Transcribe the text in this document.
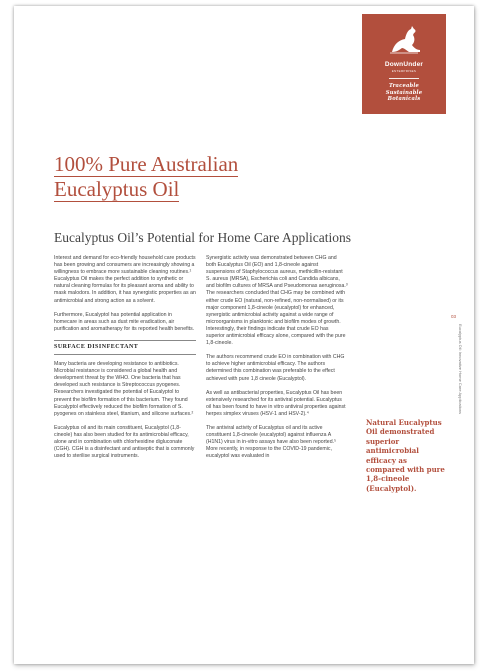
DownUnder
ENTERPRISES
Traceable
Sustainable
Botanicals
100% Pure Australian
Eucalyptus Oil
Eucalyptus Oil’s Potential for Home Care Applications

Interest and demand for eco-friendly household care products has been growing and consumers are increasingly showing a willingness to embrace more sustainable cleaning routines.¹ Eucalyptus Oil makes the perfect addition to synthetic or natural cleaning formulas for its pleasant aroma and ability to mask malodors. In addition, it has synergistic properties as an antimicrobial and strong action as a solvent.

Furthermore, Eucalyptol has potential application in homecare in areas such as dust mite eradication, air purification and aromatherapy for its reported health benefits.

SURFACE DISINFECTANT

Many bacteria are developing resistance to antibiotics. Microbial resistance is considered a global health and development threat by the WHO. One bacteria that has developed such resistance is Streptococcus pyogenes. Researchers investigated the potential of Eucalyptol to prevent the biofilm formation of this bacterium. They found Eucalyptol effectively reduced the biofilm formation of S. pyogenes on stainless steel, titanium, and silicone surfaces.²

Eucalyptus oil and its main constituent, Eucalyptol (1,8-cineole) has also been studied for its antimicrobial efficacy, alone and in combination with chlorhexidine digluconate (CGH). CGH is a disinfectant and antiseptic that is commonly used to sterilise surgical instruments.

Synergistic activity was demonstrated between CHG and both Eucalyptus Oil (EO) and 1,8-cineole against suspensions of Staphylococcus aureus, methicillin-resistant S. aureus (MRSA), Escherichia coli and Candida albicans, and biofilm cultures of MRSA and Pseudomonas aeruginosa.³ The researchers concluded that CHG may be combined with either crude EO (natural, non-refined, non-normalised) or its major component 1,8-cineole (eucalyptol) for enhanced, synergistic antimicrobial activity against a wide range of microorganisms in planktonic and biofilm modes of growth. Interestingly, their findings indicate that crude EO has superior antimicrobial efficacy alone, compared with the pure 1,8-cineole.

The authors recommend crude EO in combination with CHG to achieve higher antimicrobial efficacy. The authors determined this combination was preferable to the effect achieved with pure 1,8 cineole (Eucalyptol).

As well as antibacterial properties, Eucalyptus Oil has been extensively researched for its antiviral potential. Eucalyptus oil has been found to have in vitro antiviral properties against herpes simplex viruses (HSV-1 and HSV-2).⁴

The antiviral activity of Eucalyptus oil and its active constituent 1,8-cineole (eucalyptol) against influenza A (H1N1) virus in in-vitro assays have also been reported.⁵ More recently, in response to the COVID-19 pandemic, eucalyptol was evaluated in

Natural Eucalyptus Oil demonstrated superior antimicrobial efficacy as compared with pure 1,8-cineole (Eucalyptol).
03
Eucalyptus Oil: Innovative Home Care Applications
